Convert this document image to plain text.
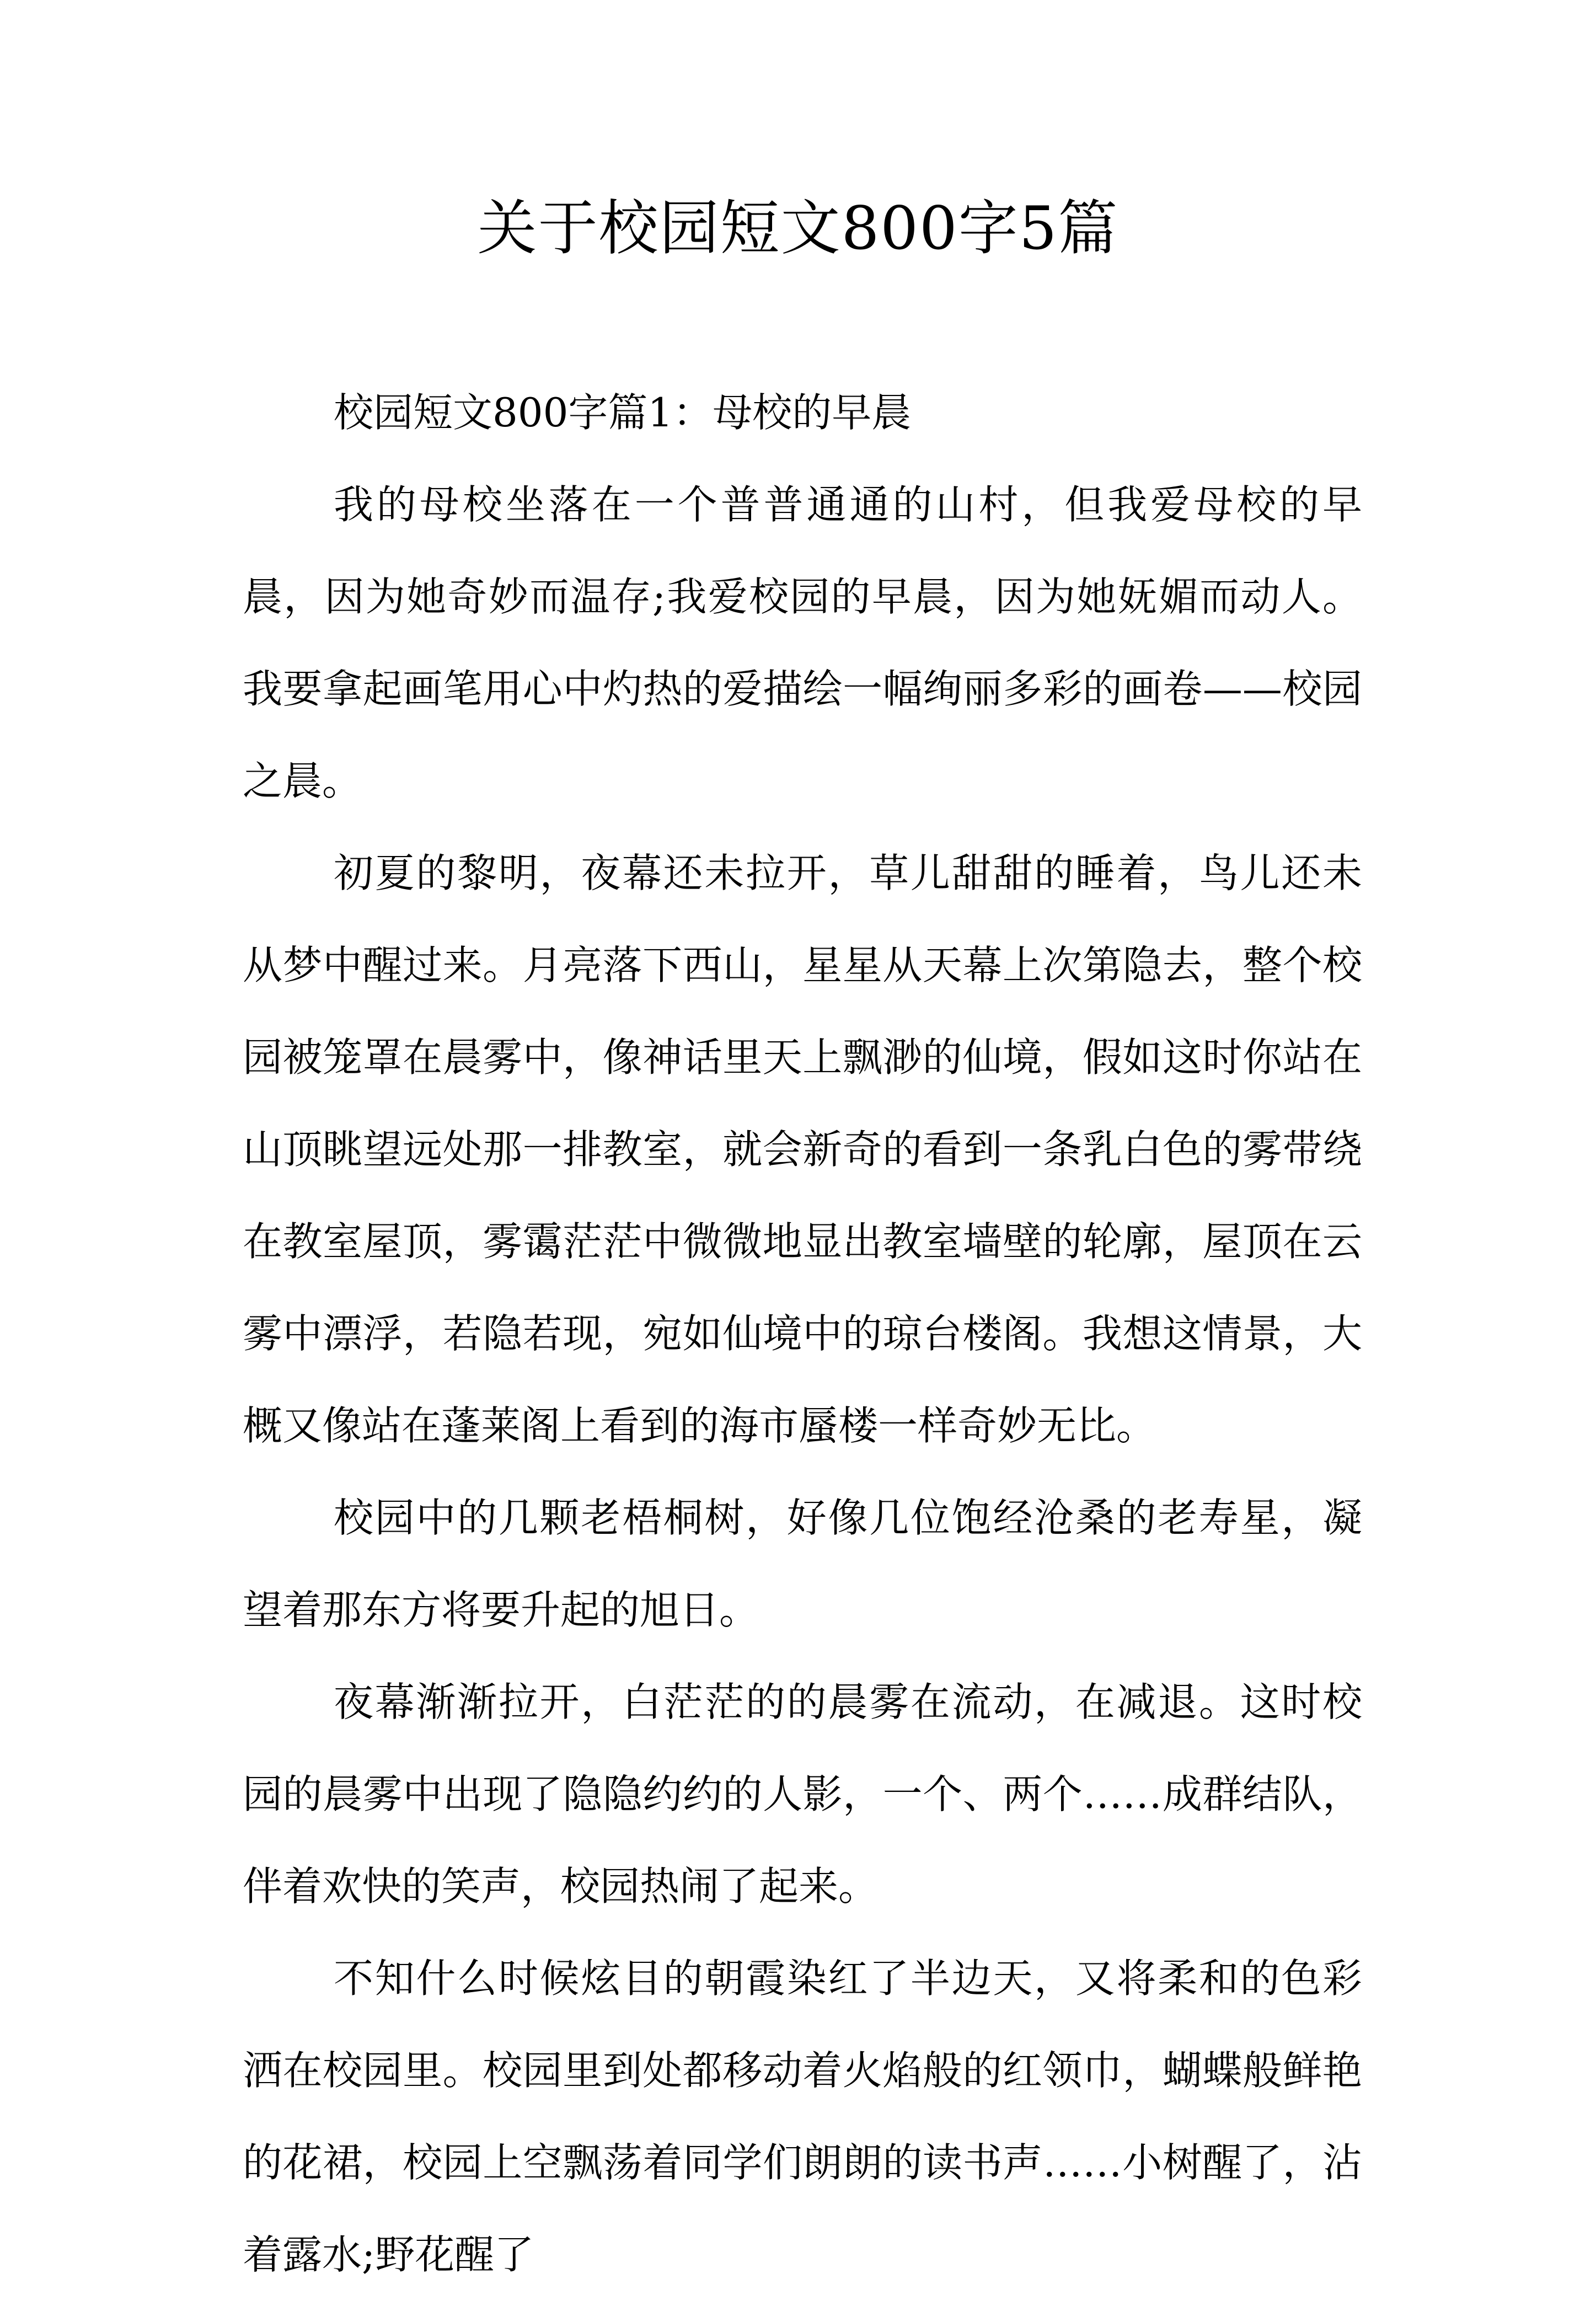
关于校园短文800字5篇

校园短文800字篇1：母校的早晨

我的母校坐落在一个普普通通的山村，但我爱母校的早晨，因为她奇妙而温存;我爱校园的早晨，因为她妩媚而动人。我要拿起画笔用心中灼热的爱描绘一幅绚丽多彩的画卷——校园之晨。

初夏的黎明，夜幕还未拉开，草儿甜甜的睡着，鸟儿还未从梦中醒过来。月亮落下西山，星星从天幕上次第隐去，整个校园被笼罩在晨雾中，像神话里天上飘渺的仙境，假如这时你站在山顶眺望远处那一排教室，就会新奇的看到一条乳白色的雾带绕在教室屋顶，雾霭茫茫中微微地显出教室墙壁的轮廓，屋顶在云雾中漂浮，若隐若现，宛如仙境中的琼台楼阁。我想这情景，大概又像站在蓬莱阁上看到的海市蜃楼一样奇妙无比。

校园中的几颗老梧桐树，好像几位饱经沧桑的老寿星，凝望着那东方将要升起的旭日。

夜幕渐渐拉开，白茫茫的的晨雾在流动，在减退。这时校园的晨雾中出现了隐隐约约的人影，一个、两个……成群结队，伴着欢快的笑声，校园热闹了起来。

不知什么时候炫目的朝霞染红了半边天，又将柔和的色彩洒在校园里。校园里到处都移动着火焰般的红领巾，蝴蝶般鲜艳的花裙，校园上空飘荡着同学们朗朗的读书声……小树醒了，沾着露水;野花醒了
